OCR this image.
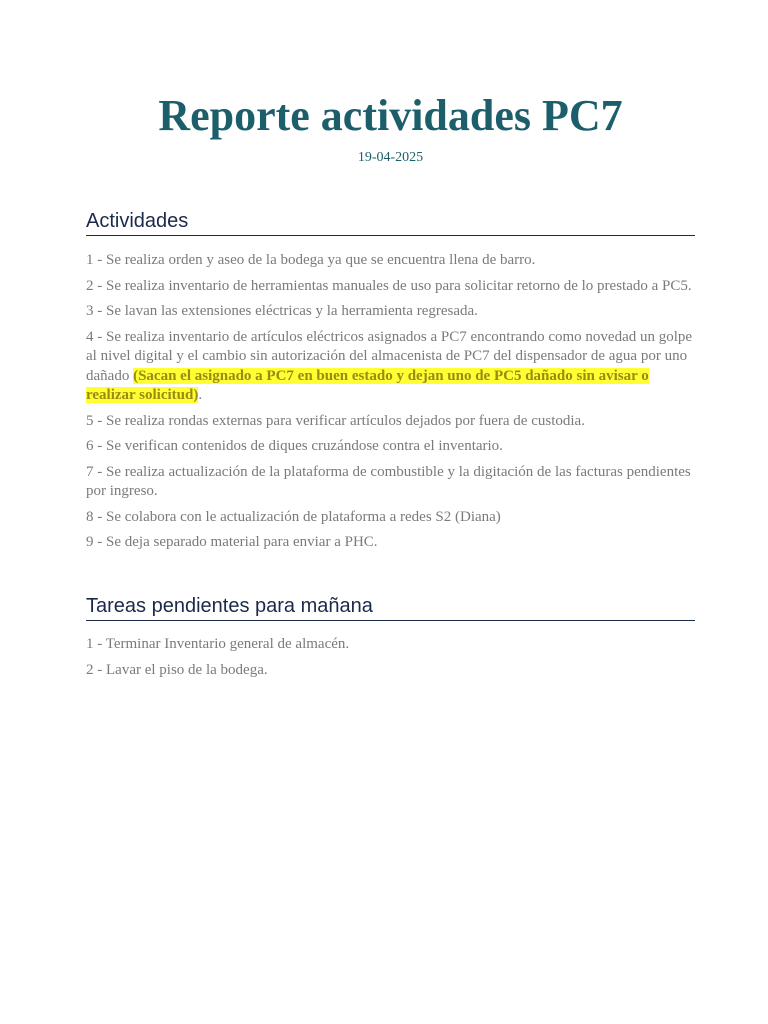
Reporte actividades PC7
19-04-2025
Actividades
1 - Se realiza orden y aseo de la bodega ya que se encuentra llena de barro.
2 - Se realiza inventario de herramientas manuales de uso para solicitar retorno de lo prestado a PC5.
3 - Se lavan las extensiones eléctricas y la herramienta regresada.
4 - Se realiza inventario de artículos eléctricos asignados a PC7 encontrando como novedad un golpe al nivel digital y el cambio sin autorización del almacenista de PC7 del dispensador de agua por uno dañado (Sacan el asignado a PC7 en buen estado y dejan uno de PC5 dañado sin avisar o realizar solicitud).
5 - Se realiza rondas externas para verificar artículos dejados por fuera de custodia.
6 - Se verifican contenidos de diques cruzándose contra el inventario.
7 - Se realiza actualización de la plataforma de combustible y la digitación de las facturas pendientes por ingreso.
8 - Se colabora con le actualización de plataforma a redes S2 (Diana)
9 - Se deja separado material para enviar a PHC.
Tareas pendientes para mañana
1 - Terminar Inventario general de almacén.
2 - Lavar el piso de la bodega.
